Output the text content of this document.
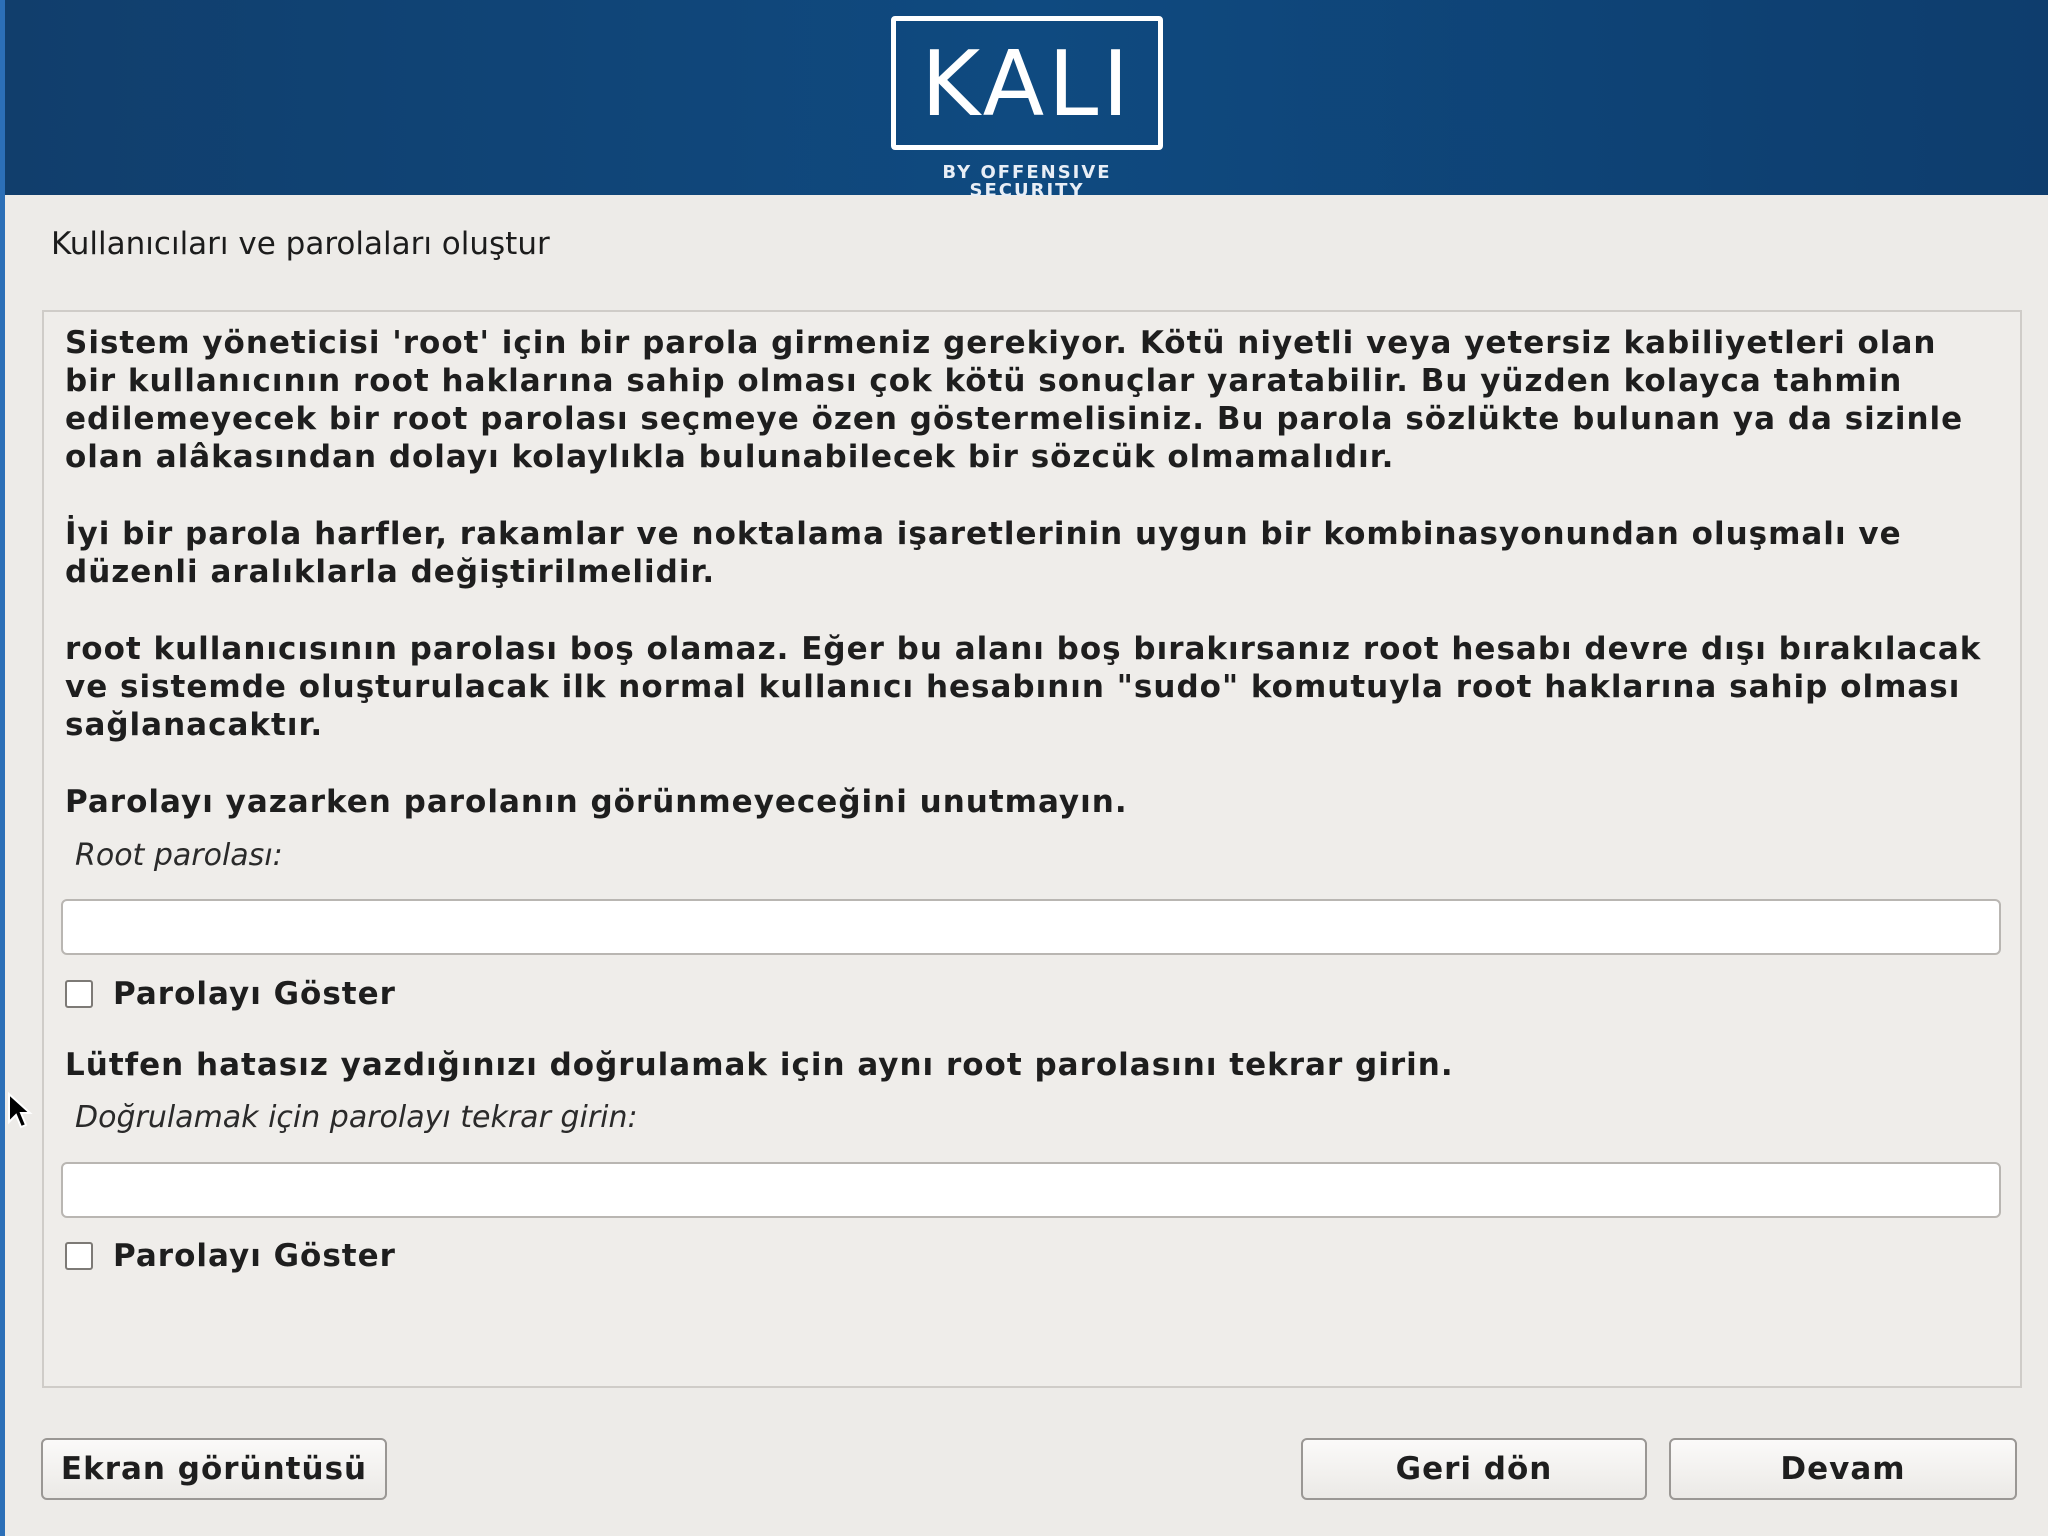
KALI
BY OFFENSIVE SECURITY
Kullanıcıları ve parolaları oluştur

Sistem yöneticisi 'root' için bir parola girmeniz gerekiyor. Kötü niyetli veya yetersiz kabiliyetleri olan bir kullanıcının root haklarına sahip olması çok kötü sonuçlar yaratabilir. Bu yüzden kolayca tahmin edilemeyecek bir root parolası seçmeye özen göstermelisiniz. Bu parola sözlükte bulunan ya da sizinle olan alâkasından dolayı kolaylıkla bulunabilecek bir sözcük olmamalıdır.

İyi bir parola harfler, rakamlar ve noktalama işaretlerinin uygun bir kombinasyonundan oluşmalı ve düzenli aralıklarla değiştirilmelidir.

root kullanıcısının parolası boş olamaz. Eğer bu alanı boş bırakırsanız root hesabı devre dışı bırakılacak ve sistemde oluşturulacak ilk normal kullanıcı hesabının "sudo" komutuyla root haklarına sahip olması sağlanacaktır.

Parolayı yazarken parolanın görünmeyeceğini unutmayın.

Root parolası:
Parolayı Göster

Lütfen hatasız yazdığınızı doğrulamak için aynı root parolasını tekrar girin.

Doğrulamak için parolayı tekrar girin:
Parolayı Göster
Ekran görüntüsü	Geri dön	Devam
